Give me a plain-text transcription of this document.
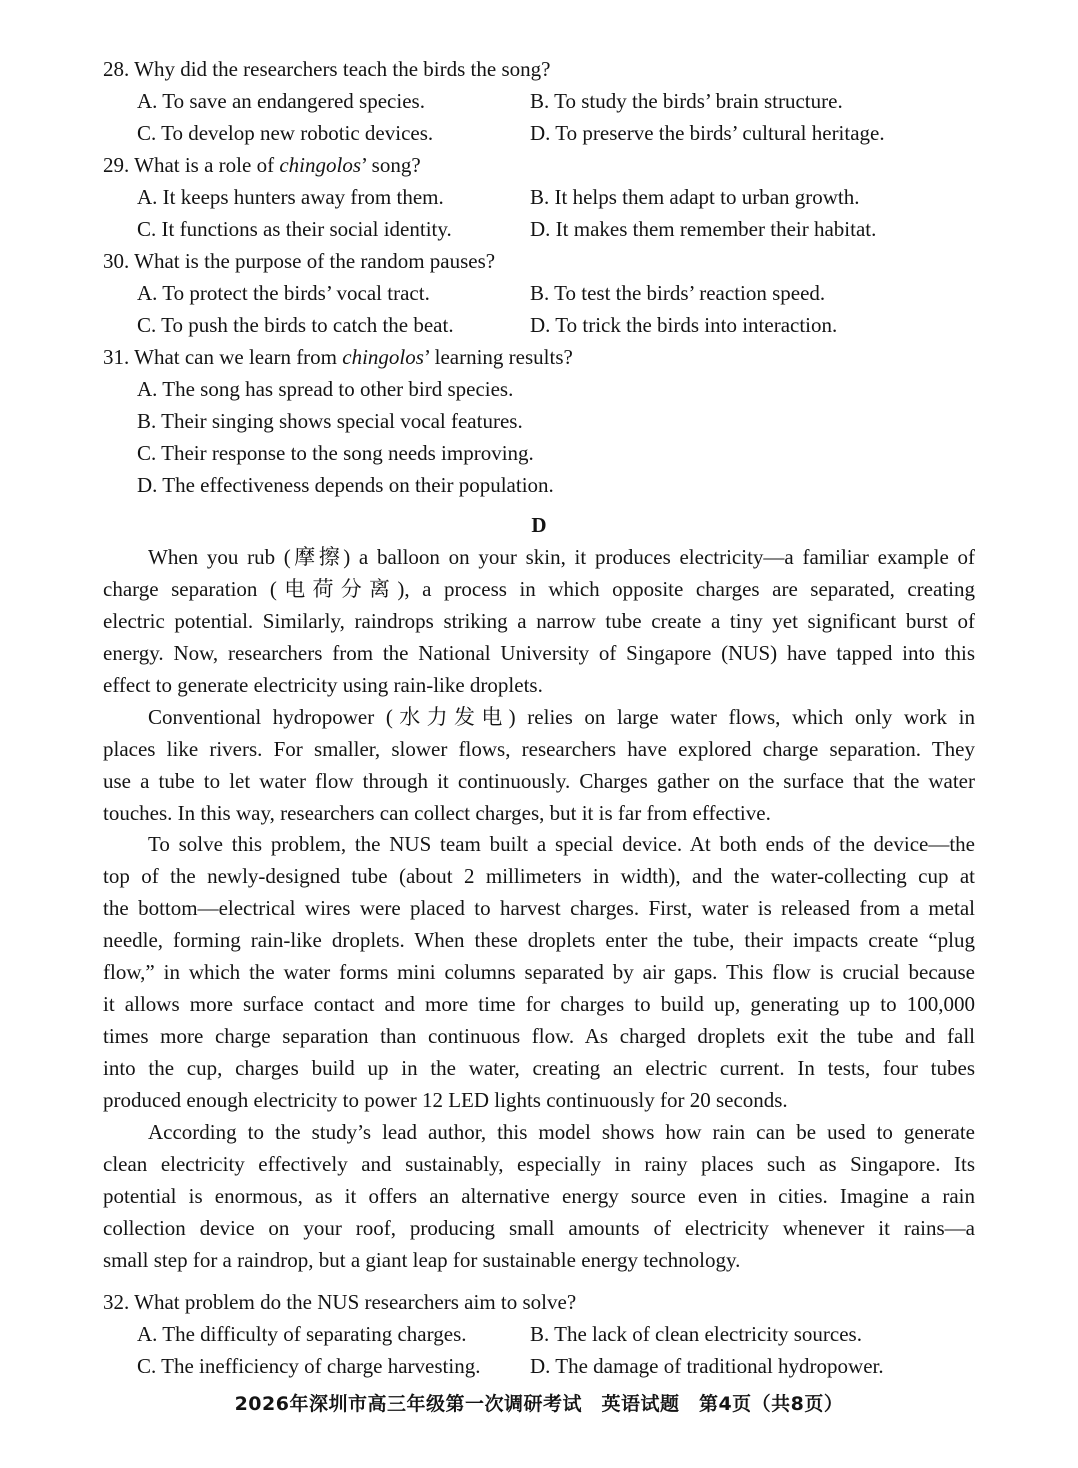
28. Why did the researchers teach the birds the song?
A. To save an endangered species.	B. To study the birds’ brain structure.
C. To develop new robotic devices.	D. To preserve the birds’ cultural heritage.
29. What is a role of chingolos’ song?
A. It keeps hunters away from them.	B. It helps them adapt to urban growth.
C. It functions as their social identity.	D. It makes them remember their habitat.
30. What is the purpose of the random pauses?
A. To protect the birds’ vocal tract.	B. To test the birds’ reaction speed.
C. To push the birds to catch the beat.	D. To trick the birds into interaction.
31. What can we learn from chingolos’ learning results?
A. The song has spread to other bird species.
B. Their singing shows special vocal features.
C. Their response to the song needs improving.
D. The effectiveness depends on their population.
D
When you rub (摩擦) a balloon on your skin, it produces electricity—a familiar example of
charge separation (电荷分离), a process in which opposite charges are separated, creating
electric potential. Similarly, raindrops striking a narrow tube create a tiny yet significant burst of
energy. Now, researchers from the National University of Singapore (NUS) have tapped into this
effect to generate electricity using rain-like droplets.
Conventional hydropower (水力发电) relies on large water flows, which only work in
places like rivers. For smaller, slower flows, researchers have explored charge separation. They
use a tube to let water flow through it continuously. Charges gather on the surface that the water
touches. In this way, researchers can collect charges, but it is far from effective.
To solve this problem, the NUS team built a special device. At both ends of the device—the
top of the newly-designed tube (about 2 millimeters in width), and the water-collecting cup at
the bottom—electrical wires were placed to harvest charges. First, water is released from a metal
needle, forming rain-like droplets. When these droplets enter the tube, their impacts create “plug
flow,” in which the water forms mini columns separated by air gaps. This flow is crucial because
it allows more surface contact and more time for charges to build up, generating up to 100,000
times more charge separation than continuous flow. As charged droplets exit the tube and fall
into the cup, charges build up in the water, creating an electric current. In tests, four tubes
produced enough electricity to power 12 LED lights continuously for 20 seconds.
According to the study’s lead author, this model shows how rain can be used to generate
clean electricity effectively and sustainably, especially in rainy places such as Singapore. Its
potential is enormous, as it offers an alternative energy source even in cities. Imagine a rain
collection device on your roof, producing small amounts of electricity whenever it rains—a
small step for a raindrop, but a giant leap for sustainable energy technology.
32. What problem do the NUS researchers aim to solve?
A. The difficulty of separating charges.	B. The lack of clean electricity sources.
C. The inefficiency of charge harvesting. D. The damage of traditional hydropower.
2026年深圳市高三年级第一次调研考试　英语试题　第4页（共8页）
